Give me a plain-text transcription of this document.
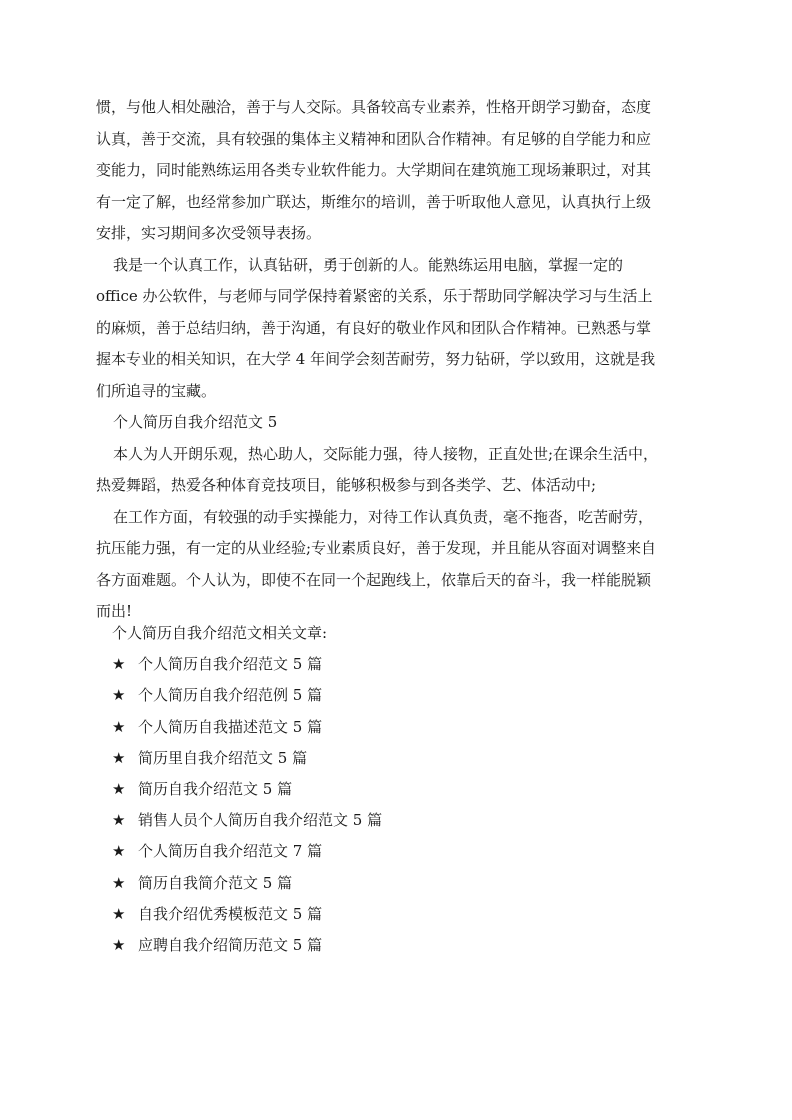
惯，与他人相处融洽，善于与人交际。具备较高专业素养，性格开朗学习勤奋，态度
认真，善于交流，具有较强的集体主义精神和团队合作精神。有足够的自学能力和应
变能力，同时能熟练运用各类专业软件能力。大学期间在建筑施工现场兼职过，对其
有一定了解，也经常参加广联达，斯维尔的培训，善于听取他人意见，认真执行上级
安排，实习期间多次受领导表扬。
我是一个认真工作，认真钻研，勇于创新的人。能熟练运用电脑，掌握一定的
office 办公软件，与老师与同学保持着紧密的关系，乐于帮助同学解决学习与生活上
的麻烦，善于总结归纳，善于沟通，有良好的敬业作风和团队合作精神。已熟悉与掌
握本专业的相关知识，在大学 4 年间学会刻苦耐劳，努力钻研，学以致用，这就是我
们所追寻的宝藏。
个人简历自我介绍范文 5
本人为人开朗乐观，热心助人，交际能力强，待人接物，正直处世;在课余生活中，
热爱舞蹈，热爱各种体育竞技项目，能够积极参与到各类学、艺、体活动中;
在工作方面，有较强的动手实操能力，对待工作认真负责，毫不拖沓，吃苦耐劳，
抗压能力强，有一定的从业经验;专业素质良好，善于发现，并且能从容面对调整来自
各方面难题。个人认为，即使不在同一个起跑线上，依靠后天的奋斗，我一样能脱颖
而出!
个人简历自我介绍范文相关文章:
★ 个人简历自我介绍范文 5 篇
★ 个人简历自我介绍范例 5 篇
★ 个人简历自我描述范文 5 篇
★ 简历里自我介绍范文 5 篇
★ 简历自我介绍范文 5 篇
★ 销售人员个人简历自我介绍范文 5 篇
★ 个人简历自我介绍范文 7 篇
★ 简历自我简介范文 5 篇
★ 自我介绍优秀模板范文 5 篇
★ 应聘自我介绍简历范文 5 篇
